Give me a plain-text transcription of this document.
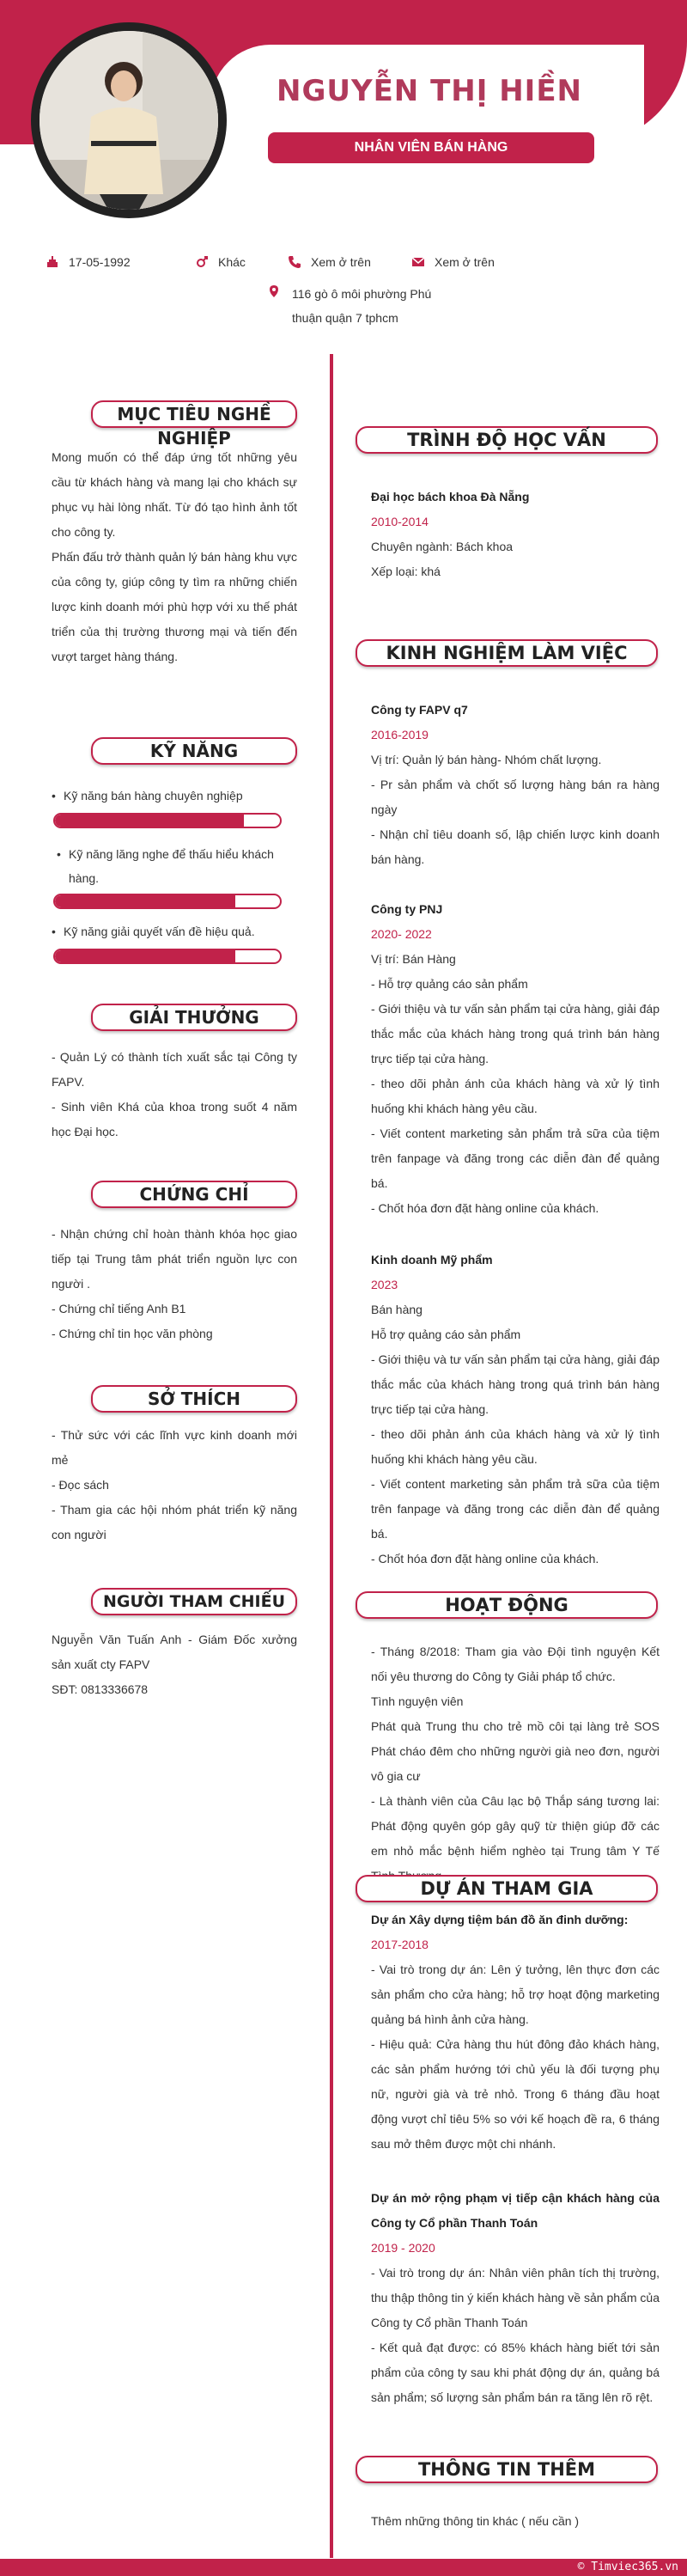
NGUYỄN THỊ HIỀN
NHÂN VIÊN BÁN HÀNG
17-05-1992	Khác	Xem ở trên	Xem ở trên
116 gò ô môi phường Phú
thuận quận 7 tphcm
MỤC TIÊU NGHỀ NGHIỆP

Mong muốn có thể đáp ứng tốt những yêu cầu từ khách hàng và mang lại cho khách sự phục vụ hài lòng nhất. Từ đó tạo hình ảnh tốt cho công ty.

Phấn đấu trở thành quản lý bán hàng khu vực của công ty, giúp công ty tìm ra những chiến lược kinh doanh mới phù hợp với xu thế phát triển của thị trường thương mại và tiến đến vượt target hàng tháng.

KỸ NĂNG
• Kỹ năng bán hàng chuyên nghiệp
• Kỹ năng lăng nghe để thấu hiểu khách hàng.
• Kỹ năng giải quyết vấn đề hiệu quả.
GIẢI THƯỞNG

- Quản Lý có thành tích xuất sắc tại Công ty FAPV.

- Sinh viên Khá của khoa trong suốt 4 năm học Đại học.

CHỨNG CHỈ

- Nhận chứng chỉ hoàn thành khóa học giao tiếp tại Trung tâm phát triển nguồn lực con người .

- Chứng chỉ tiếng Anh B1

- Chứng chỉ tin học văn phòng

SỞ THÍCH

- Thử sức với các lĩnh vực kinh doanh mới mẻ

- Đọc sách

- Tham gia các hội nhóm phát triển kỹ năng con người

NGƯỜI THAM CHIẾU

Nguyễn Văn Tuấn Anh - Giám Đốc xưởng sản xuất cty FAPV

SĐT: 0813336678

TRÌNH ĐỘ HỌC VẤN

Đại học bách khoa Đà Nẵng

2010-2014

Chuyên ngành: Bách khoa

Xếp loại: khá

KINH NGHIỆM LÀM VIỆC

Công ty FAPV q7

2016-2019

Vị trí: Quản lý bán hàng- Nhóm chất lượng.

- Pr sản phẩm và chốt số lượng hàng bán ra hàng ngày

- Nhận chỉ tiêu doanh số, lập chiến lược kinh doanh bán hàng.

Công ty PNJ

2020- 2022

Vị trí: Bán Hàng

- Hỗ trợ quảng cáo sản phẩm

- Giới thiệu và tư vấn sản phẩm tại cửa hàng, giải đáp thắc mắc của khách hàng trong quá trình bán hàng trực tiếp tại cửa hàng.

- theo dõi phản ánh của khách hàng và xử lý tình huống khi khách hàng yêu cầu.

- Viết content marketing sản phẩm trả sữa của tiệm trên fanpage và đăng trong các diễn đàn để quảng bá.

- Chốt hóa đơn đặt hàng online của khách.

Kinh doanh Mỹ phẩm

2023

Bán hàng

Hỗ trợ quảng cáo sản phẩm

- Giới thiệu và tư vấn sản phẩm tại cửa hàng, giải đáp thắc mắc của khách hàng trong quá trình bán hàng trực tiếp tại cửa hàng.

- theo dõi phản ánh của khách hàng và xử lý tình huống khi khách hàng yêu cầu.

- Viết content marketing sản phẩm trả sữa của tiệm trên fanpage và đăng trong các diễn đàn để quảng bá.

- Chốt hóa đơn đặt hàng online của khách.

HOẠT ĐỘNG

- Tháng 8/2018: Tham gia vào Đội tình nguyện Kết nối yêu thương do Công ty Giải pháp tổ chức.

Tình nguyện viên

Phát quà Trung thu cho trẻ mồ côi tại làng trẻ SOS Phát cháo đêm cho những người già neo đơn, người vô gia cư

- Là thành viên của Câu lạc bộ Thắp sáng tương lai: Phát động quyên góp gây quỹ từ thiện giúp đỡ các em nhỏ mắc bệnh hiểm nghèo tại Trung tâm Y Tế

DỰ ÁN THAM GIA

Dự án Xây dựng tiệm bán đồ ăn đinh dưỡng:

2017-2018

- Vai trò trong dự án: Lên ý tưởng, lên thực đơn các sản phẩm cho cửa hàng; hỗ trợ hoạt động marketing quảng bá hình ảnh cửa hàng.

- Hiệu quả: Cửa hàng thu hút đông đảo khách hàng, các sản phẩm hướng tới chủ yếu là đối tượng phụ nữ, người già và trẻ nhỏ. Trong 6 tháng đầu hoạt động vượt chỉ tiêu 5% so với kế hoạch đề ra, 6 tháng sau mở thêm được một chi nhánh.

Dự án mở rộng phạm vị tiếp cận khách hàng của Công ty Cổ phần Thanh Toán

2019 - 2020

- Vai trò trong dự án: Nhân viên phân tích thị trường, thu thập thông tin ý kiến khách hàng về sản phẩm của Công ty Cổ phần Thanh Toán

- Kết quả đạt được: có 85% khách hàng biết tới sản phẩm của công ty sau khi phát động dự án, quảng bá sản phẩm; số lượng sản phẩm bán ra tăng lên rõ rệt.

THÔNG TIN THÊM
Thêm những thông tin khác ( nếu cần )
© Timviec365.vn
